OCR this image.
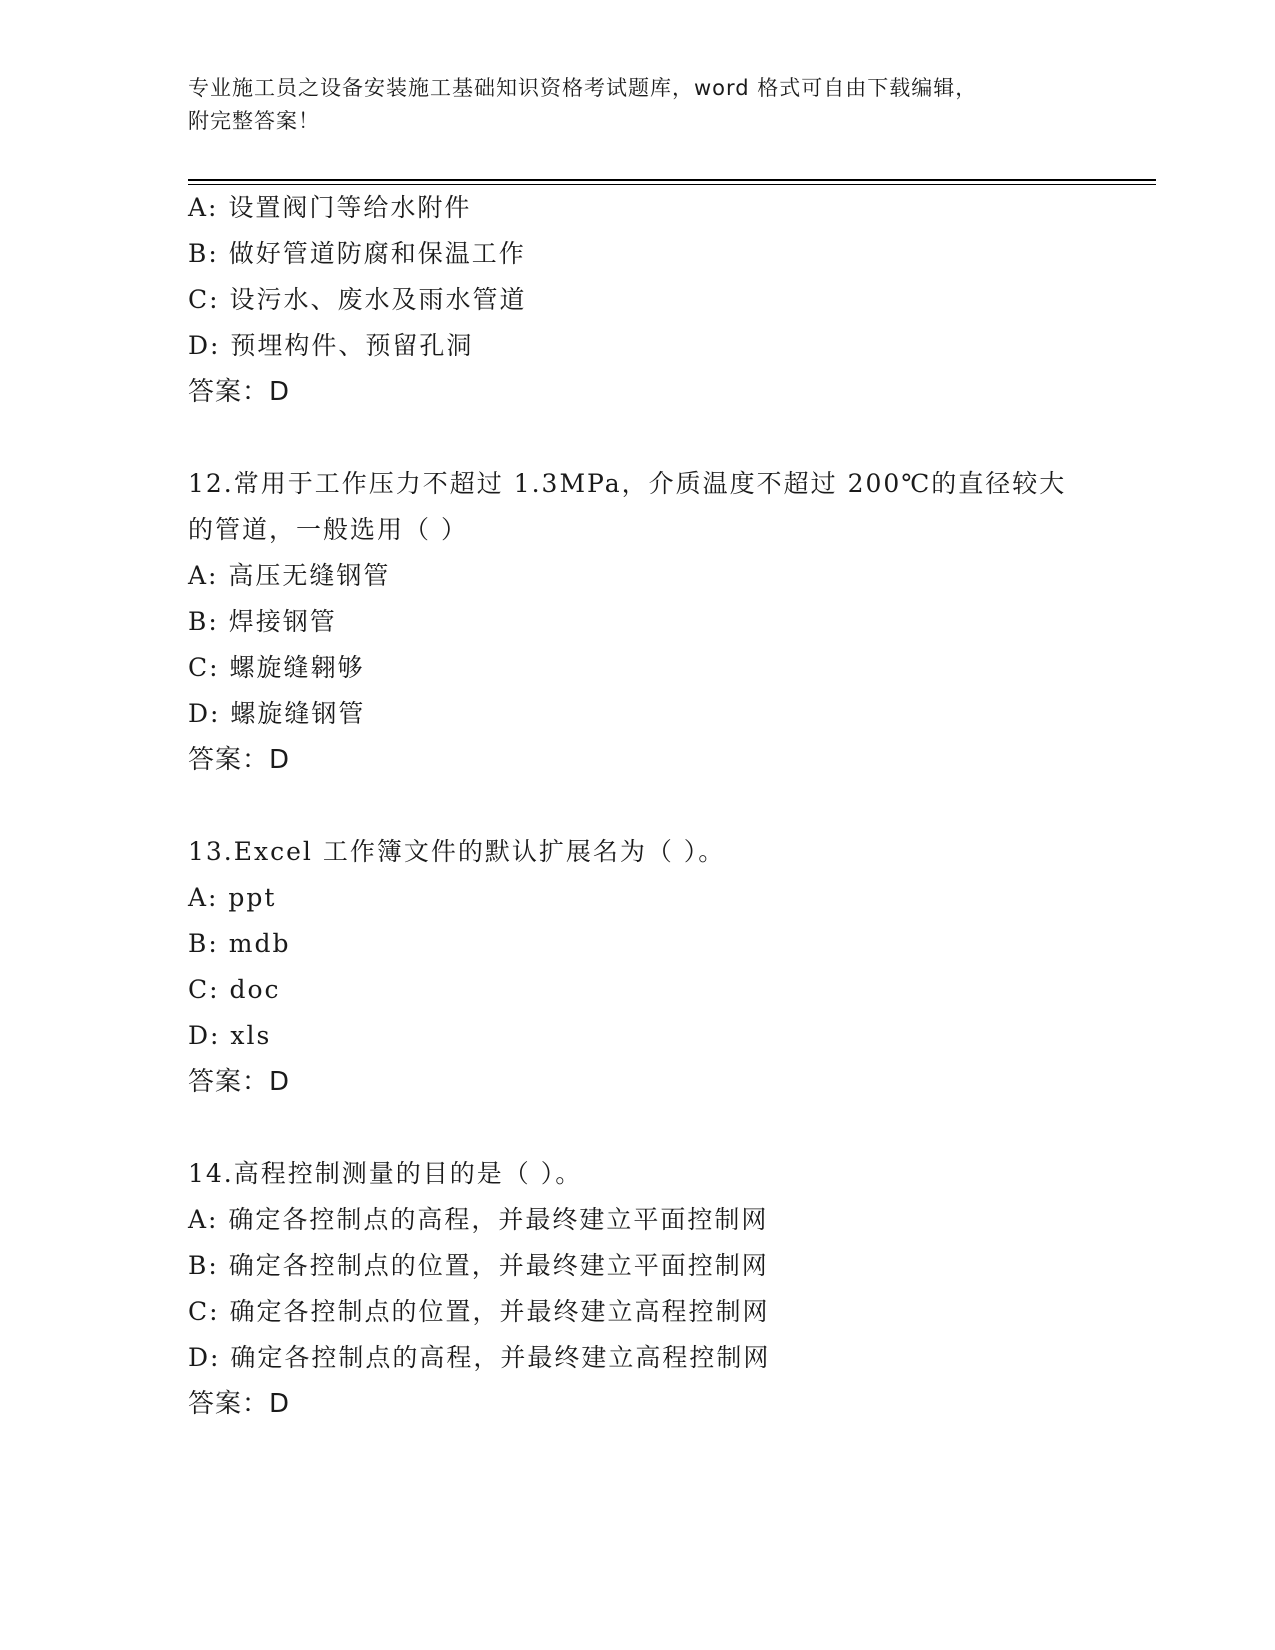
专业施工员之设备安装施工基础知识资格考试题库，word 格式可自由下载编辑，
附完整答案！
A: 设置阀门等给水附件
B: 做好管道防腐和保温工作
C: 设污水、废水及雨水管道
D: 预埋构件、预留孔洞
答案：D
12.常用于工作压力不超过 1.3MPa，介质温度不超过 200℃的直径较大
的管道，一般选用（ ）
A: 高压无缝钢管
B: 焊接钢管
C: 螺旋缝翱够
D: 螺旋缝钢管
答案：D
13.Excel 工作簿文件的默认扩展名为（ ）。
A: ppt
B: mdb
C: doc
D: xls
答案：D
14.高程控制测量的目的是（ ）。
A: 确定各控制点的高程，并最终建立平面控制网
B: 确定各控制点的位置，并最终建立平面控制网
C: 确定各控制点的位置，并最终建立高程控制网
D: 确定各控制点的高程，并最终建立高程控制网
答案：D
